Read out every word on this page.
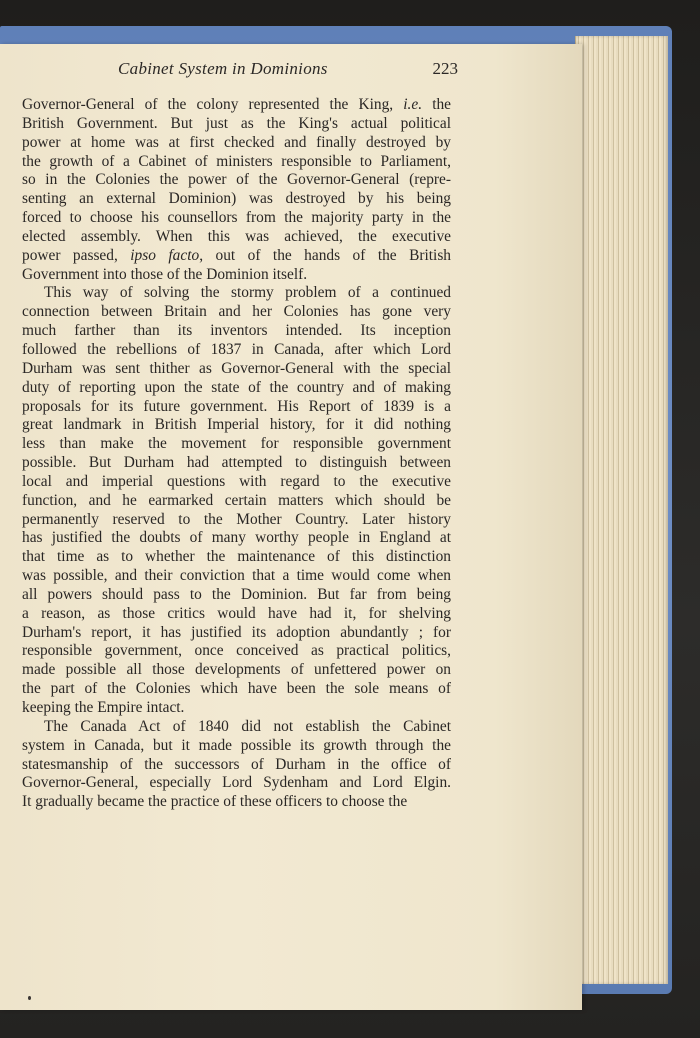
Cabinet System in Dominions	223
Governor-General of the colony represented the King, i.e. the
British Government. But just as the King's actual political
power at home was at first checked and finally destroyed by
the growth of a Cabinet of ministers responsible to Parliament,
so in the Colonies the power of the Governor-General (repre-
senting an external Dominion) was destroyed by his being
forced to choose his counsellors from the majority party in the
elected assembly. When this was achieved, the executive
power passed, ipso facto, out of the hands of the British
Government into those of the Dominion itself.
This way of solving the stormy problem of a continued
connection between Britain and her Colonies has gone very
much farther than its inventors intended. Its inception
followed the rebellions of 1837 in Canada, after which Lord
Durham was sent thither as Governor-General with the special
duty of reporting upon the state of the country and of making
proposals for its future government. His Report of 1839 is a
great landmark in British Imperial history, for it did nothing
less than make the movement for responsible government
possible. But Durham had attempted to distinguish between
local and imperial questions with regard to the executive
function, and he earmarked certain matters which should be
permanently reserved to the Mother Country. Later history
has justified the doubts of many worthy people in England at
that time as to whether the maintenance of this distinction
was possible, and their conviction that a time would come when
all powers should pass to the Dominion. But far from being
a reason, as those critics would have had it, for shelving
Durham's report, it has justified its adoption abundantly ; for
responsible government, once conceived as practical politics,
made possible all those developments of unfettered power on
the part of the Colonies which have been the sole means of
keeping the Empire intact.
The Canada Act of 1840 did not establish the Cabinet
system in Canada, but it made possible its growth through the
statesmanship of the successors of Durham in the office of
Governor-General, especially Lord Sydenham and Lord Elgin.
It gradually became the practice of these officers to choose the
